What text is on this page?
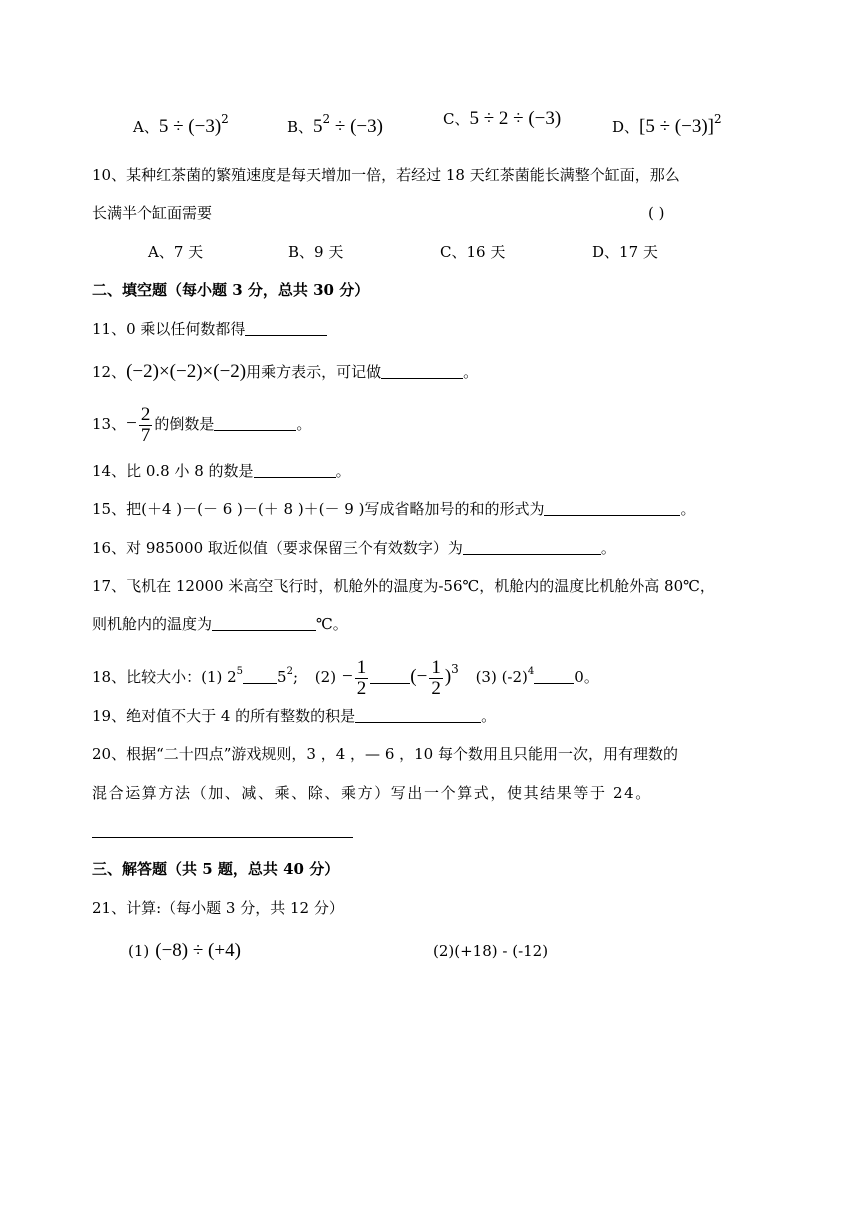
A、$5 \div (-3)^2$	B、$5^2 \div (-3)$	C、5 ÷ 2 ÷ (−3)	D、$[5 \div (-3)]^2$
10、某种红茶菌的繁殖速度是每天增加一倍，若经过 18 天红茶菌能长满整个缸面，那么
长满半个缸面需要	( )
A、7 天	B、9 天	C、16 天	D、17 天
二、填空题（每小题 3 分，总共 30 分）
11、0 乘以任何数都得
12、(−2)×(−2)×(−2)用乘方表示，可记做	。
13、− $\frac{2}{7}$ 的倒数是	。
14、比 0.8 小 8 的数是	。
15、把(＋4 )－(－ 6 )－(＋ 8 )＋(－ 9 )写成省略加号的和的形式为	。
16、对 985000 取近似值（要求保留三个有效数字）为	。
17、飞机在 12000 米高空飞行时，机舱外的温度为-56℃，机舱内的温度比机舱外高 80℃，
则机舱内的温度为	℃。
18、比较大小：(1) $2^5$ $5^2$; $(2) - \frac{1}{2}$ (− $\frac{1}{2} )^3$ (3) $(-2)^4$	0。
19、绝对值不大于 4 的所有整数的积是	。
20、根据“二十四点”游戏规则，3 ，4 ，— 6 ，10 每个数用且只能用一次，用有理数的
混合运算方法（加、减、乘、除、乘方）写出一个算式，使其结果等于 24。
三、解答题（共 5 题，总共 40 分）
21、计算:（每小题 3 分，共 12 分）
(1) (−8) ÷ (+4)	(2)(+18) - (-12)
